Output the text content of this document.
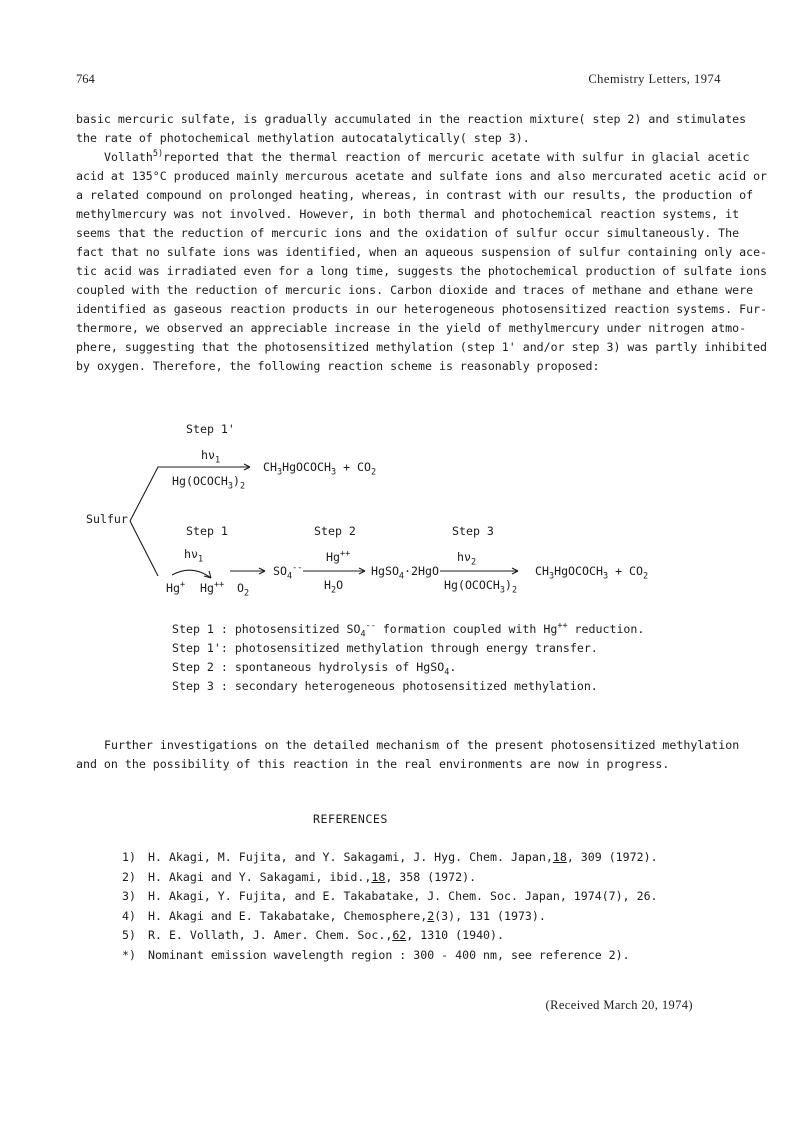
764	Chemistry Letters, 1974
basic mercuric sulfate, is gradually accumulated in the reaction mixture( step 2) and stimulates
the rate of photochemical methylation autocatalytically( step 3).
Vollath$^{5)}$reported that the thermal reaction of mercuric acetate with sulfur in glacial acetic
acid at 135°C produced mainly mercurous acetate and sulfate ions and also mercurated acetic acid or
a related compound on prolonged heating, whereas, in contrast with our results, the production of
methylmercury was not involved. However, in both thermal and photochemical reaction systems, it
seems that the reduction of mercuric ions and the oxidation of sulfur occur simultaneously. The
fact that no sulfate ions was identified, when an aqueous suspension of sulfur containing only ace-
tic acid was irradiated even for a long time, suggests the photochemical production of sulfate ions
coupled with the reduction of mercuric ions. Carbon dioxide and traces of methane and ethane were
identified as gaseous reaction products in our heterogeneous photosensitized reaction systems. Fur-
thermore, we observed an appreciable increase in the yield of methylmercury under nitrogen atmo-
phere, suggesting that the photosensitized methylation (step 1' and/or step 3) was partly inhibited
by oxygen. Therefore, the following reaction scheme is reasonably proposed:
Step 1'
$h\nu_1$
$Hg(OCOCH_3)_2$
$CH_3HgOCOCH_3 + CO_2$
Sulfur
Step 1	Step 2	Step 3
$h\nu_1$
Hg+ Hg++ $O_2$
$SO_4^{--}$
Hg++
$H_2O$
HgSO$_4$·2HgO
$h\nu_2$
$Hg(OCOCH_3)_2$
$CH_3HgOCOCH_3 + CO_2$
Step 1 : photosensitized $SO_4^{--}$ formation coupled with Hg++ reduction.
Step 1': photosensitized methylation through energy transfer.
Step 2 : spontaneous hydrolysis of HgSO$_4$.
Step 3 : secondary heterogeneous photosensitized methylation.
Further investigations on the detailed mechanism of the present photosensitized methylation
and on the possibility of this reaction in the real environments are now in progress.
REFERENCES
1)	H. Akagi, M. Fujita, and Y. Sakagami, J. Hyg. Chem. Japan, 18 , 309 (1972).
2)	H. Akagi and Y. Sakagami, ibid., 18 , 358 (1972).
3)	H. Akagi, Y. Fujita, and E. Takabatake, J. Chem. Soc. Japan, 1974(7), 26.
4)	H. Akagi and E. Takabatake, Chemosphere, 2 (3), 131 (1973).
5)	R. E. Vollath, J. Amer. Chem. Soc., 62 , 1310 (1940).
*)	Nominant emission wavelength region : 300 - 400 nm, see reference 2).
(Received March 20, 1974)
